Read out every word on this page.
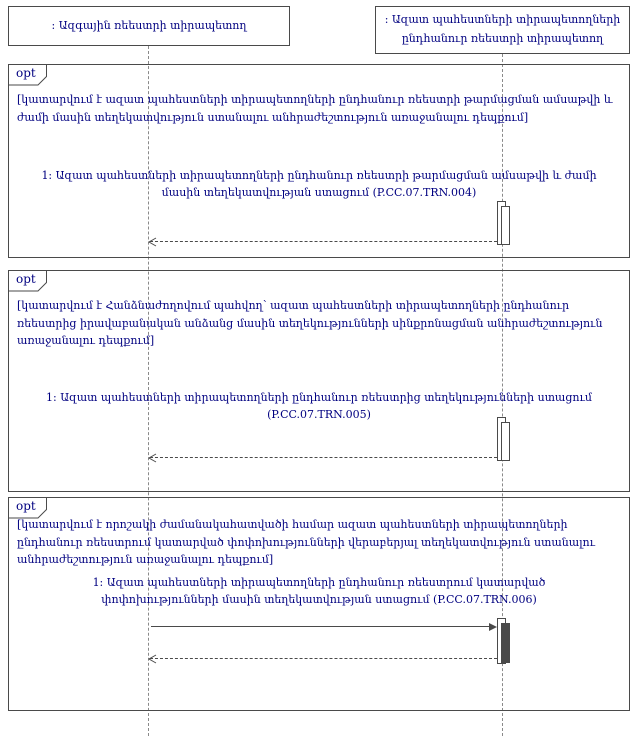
: Ազգային ռեեստրի տիրապետող	: Ազատ պահեստների տիրապետողների
ընդհանուր ռեեստրի տիրապետող
opt
[կատարվում է ազատ պահեստների տիրապետողների ընդհանուր ռեեստրի թարմացման ամսաթվի և ժամի մասին տեղեկատվություն ստանալու անհրաժեշտություն առաջանալու դեպքում]
1: Ազատ պահեստների տիրապետողների ընդհանուր ռեեստրի թարմացման ամսաթվի և ժամի մասին տեղեկատվության ստացում (P.CC.07.TRN.004)
opt
[կատարվում է Հանձնաժողովում պահվող՝ ազատ պահեստների տիրապետողների ընդհանուր ռեեստրից իրավաբանական անձանց մասին տեղեկությունների սինքրոնացման անհրաժեշտություն առաջանալու դեպքում]
1: Ազատ պահեստների տիրապետողների ընդհանուր ռեեստրից տեղեկությունների ստացում (P.CC.07.TRN.005)
opt
[կատարվում է որոշակի ժամանակահատվածի համար ազատ պահեստների տիրապետողների ընդհանուր ռեեստրում կատարված փոփոխությունների վերաբերյալ տեղեկատվություն ստանալու անհրաժեշտություն առաջանալու դեպքում]
1: Ազատ պահեստների տիրապետողների ընդհանուր ռեեստրում կատարված փոփոխությունների մասին տեղեկատվության ստացում (P.CC.07.TRN.006)
